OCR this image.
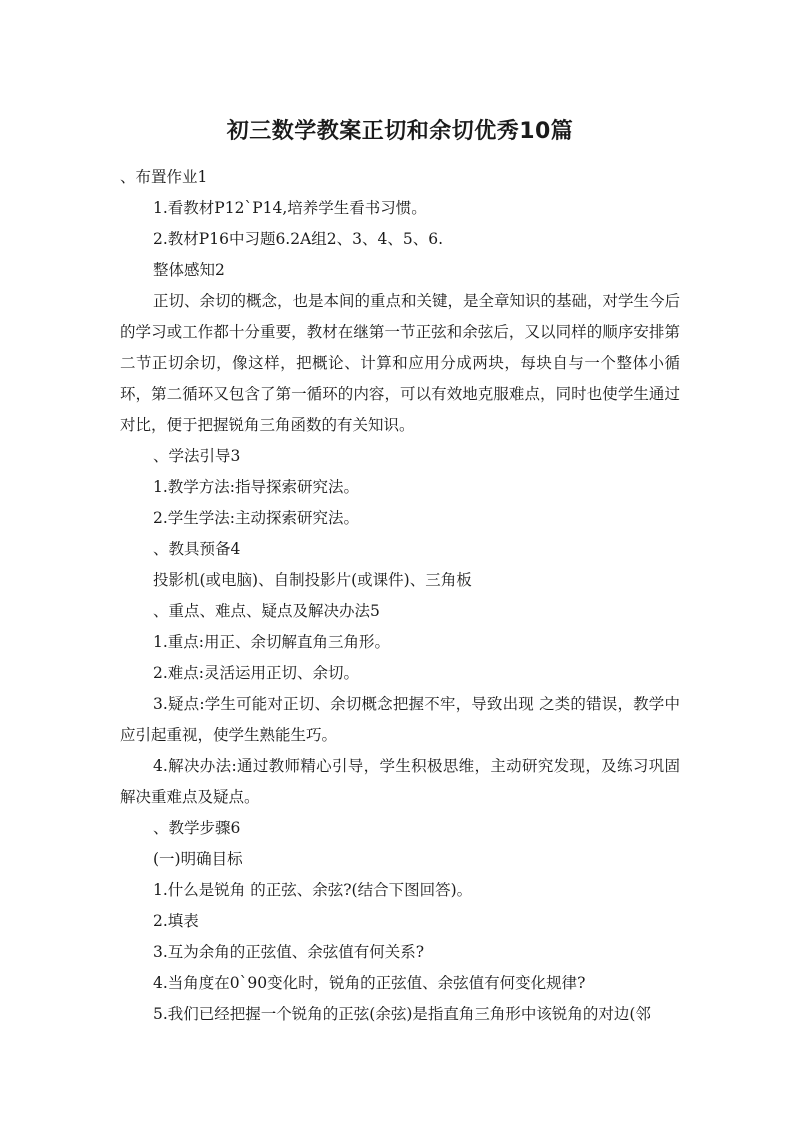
初三数学教案正切和余切优秀10篇

、布置作业1

1.看教材P12`P14,培养学生看书习惯。

2.教材P16中习题6.2A组2、3、4、5、6.

整体感知2

正切、余切的概念，也是本间的重点和关键，是全章知识的基础，对学生今后的学习或工作都十分重要，教材在继第一节正弦和余弦后，又以同样的顺序安排第二节正切余切，像这样，把概论、计算和应用分成两块，每块自与一个整体小循环，第二循环又包含了第一循环的内容，可以有效地克服难点，同时也使学生通过对比，便于把握锐角三角函数的有关知识。

、学法引导3

1.教学方法:指导探索研究法。

2.学生学法:主动探索研究法。

、教具预备4

投影机(或电脑)、自制投影片(或课件)、三角板

、重点、难点、疑点及解决办法5

1.重点:用正、余切解直角三角形。

2.难点:灵活运用正切、余切。

3.疑点:学生可能对正切、余切概念把握不牢，导致出现 之类的错误，教学中应引起重视，使学生熟能生巧。

4.解决办法:通过教师精心引导，学生积极思维，主动研究发现，及练习巩固解决重难点及疑点。

、教学步骤6

(一)明确目标

1.什么是锐角 的正弦、余弦?(结合下图回答)。

2.填表

3.互为余角的正弦值、余弦值有何关系?

4.当角度在0`90变化时，锐角的正弦值、余弦值有何变化规律?

5.我们已经把握一个锐角的正弦(余弦)是指直角三角形中该锐角的对边(邻
